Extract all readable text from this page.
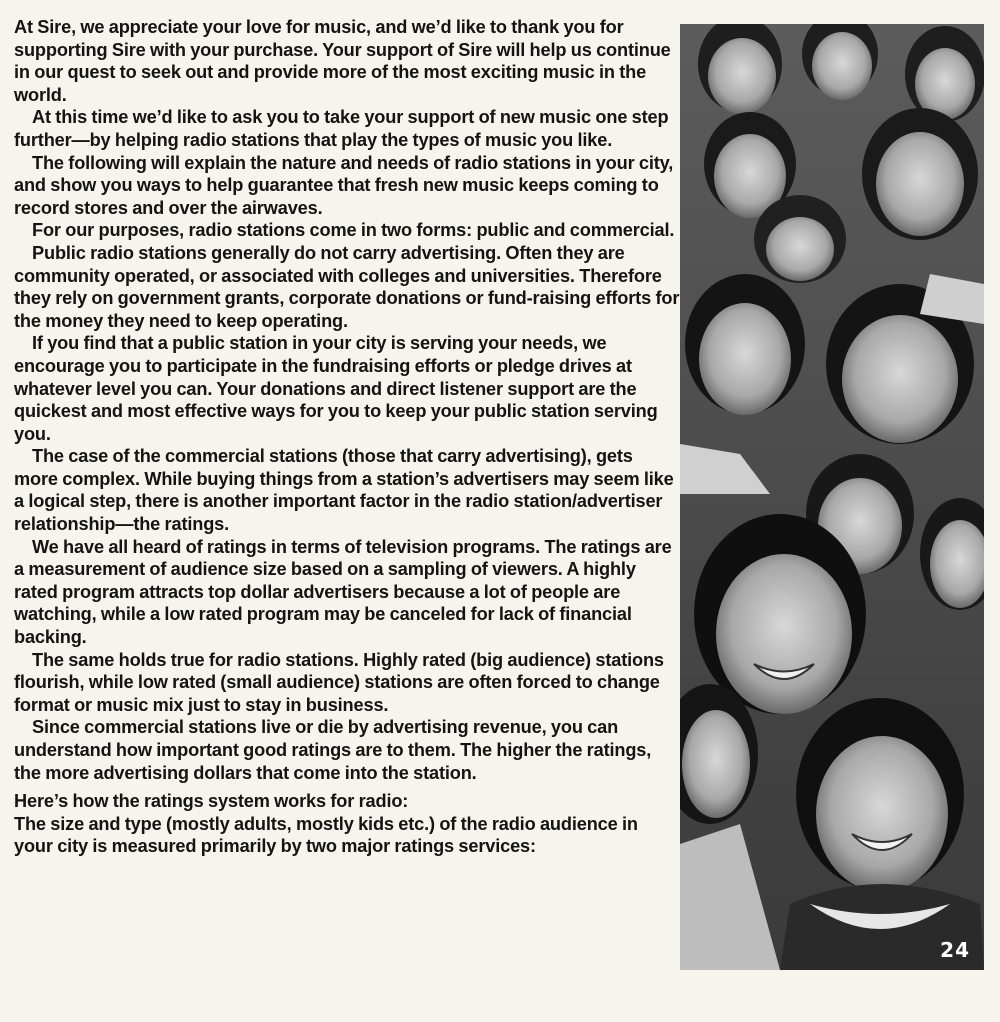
At Sire, we appreciate your love for music, and we’d like to thank you for supporting Sire with your purchase. Your support of Sire will help us continue in our quest to seek out and provide more of the most exciting music in the world.

At this time we’d like to ask you to take your support of new music one step further—by helping radio stations that play the types of music you like.

The following will explain the nature and needs of radio stations in your city, and show you ways to help guarantee that fresh new music keeps coming to record stores and over the airwaves.

For our purposes, radio stations come in two forms: public and commercial.

Public radio stations generally do not carry advertising. Often they are community operated, or associated with colleges and universities. Therefore they rely on government grants, corporate donations or fund-raising efforts for the money they need to keep operating.

If you find that a public station in your city is serving your needs, we encourage you to participate in the fundraising efforts or pledge drives at whatever level you can. Your donations and direct listener support are the quickest and most effective ways for you to keep your public station serving you.

The case of the commercial stations (those that carry advertising), gets more complex. While buying things from a station’s advertisers may seem like a logical step, there is another important factor in the radio station/advertiser relationship—the ratings.

We have all heard of ratings in terms of television programs. The ratings are a measurement of audience size based on a sampling of viewers. A highly rated program attracts top dollar advertisers because a lot of people are watching, while a low rated program may be canceled for lack of financial backing.

The same holds true for radio stations. Highly rated (big audience) stations flourish, while low rated (small audience) stations are often forced to change format or music mix just to stay in business.

Since commercial stations live or die by advertising revenue, you can understand how important good ratings are to them. The higher the ratings, the more advertising dollars that come into the station.

Here’s how the ratings system works for radio:

The size and type (mostly adults, mostly kids etc.) of the radio audience in your city is measured primarily by two major ratings services:

24
